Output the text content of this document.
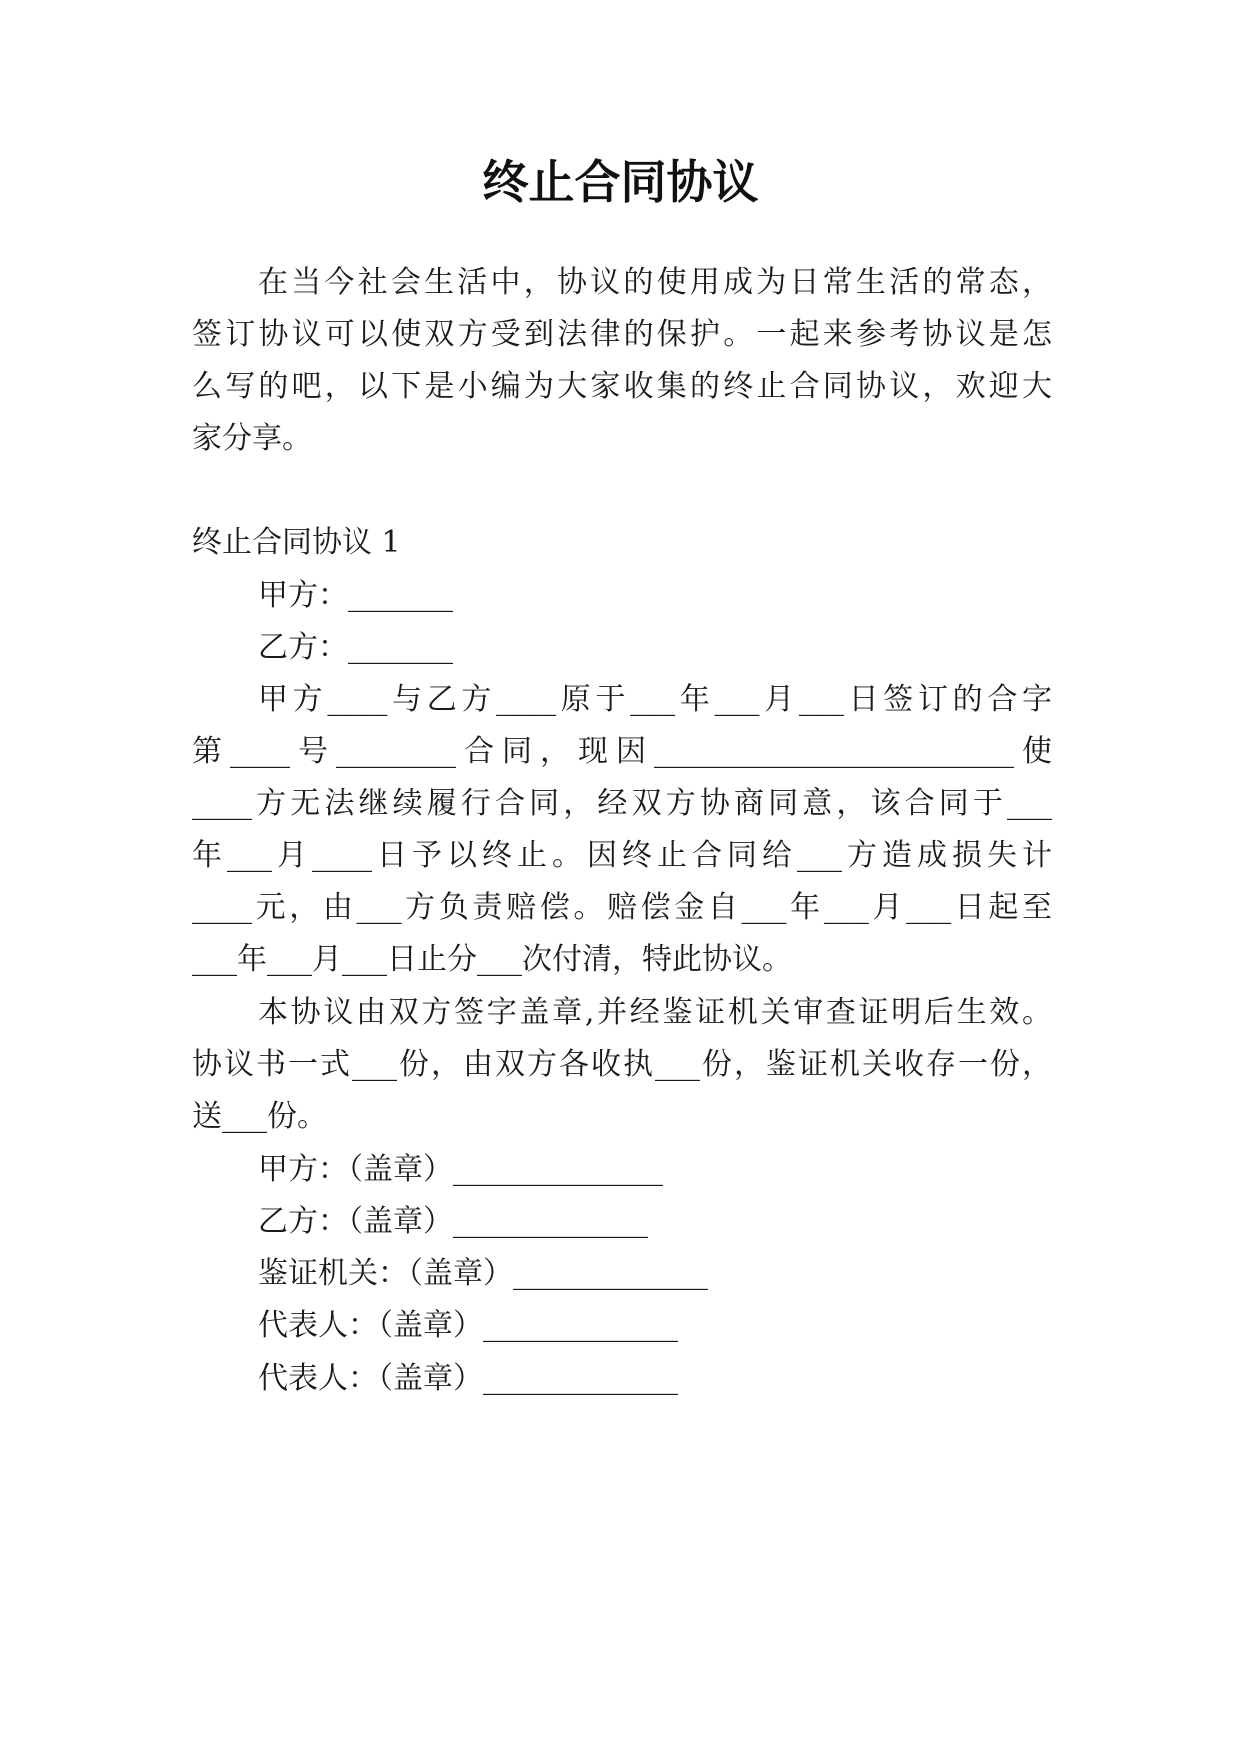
终止合同协议

在当今社会生活中，协议的使用成为日常生活的常态，

签订协议可以使双方受到法律的保护。一起来参考协议是怎

么写的吧，以下是小编为大家收集的终止合同协议，欢迎大

家分享。

终止合同协议 1

甲方：_______

乙方：_______

甲方____与乙方____原于___年___月___日签订的合字

第____号________合同，现因________________________使

____方无法继续履行合同，经双方协商同意，该合同于___

年___月____日予以终止。因终止合同给___方造成损失计

____元，由___方负责赔偿。赔偿金自___年___月___日起至

___年___月___日止分___次付清，特此协议。

本协议由双方签字盖章,并经鉴证机关审查证明后生效。

协议书一式___份，由双方各收执___份，鉴证机关收存一份，

送___份。

甲方：（盖章）______________

乙方：（盖章）_____________

鉴证机关：（盖章）_____________

代表人：（盖章）_____________

代表人：（盖章）_____________
